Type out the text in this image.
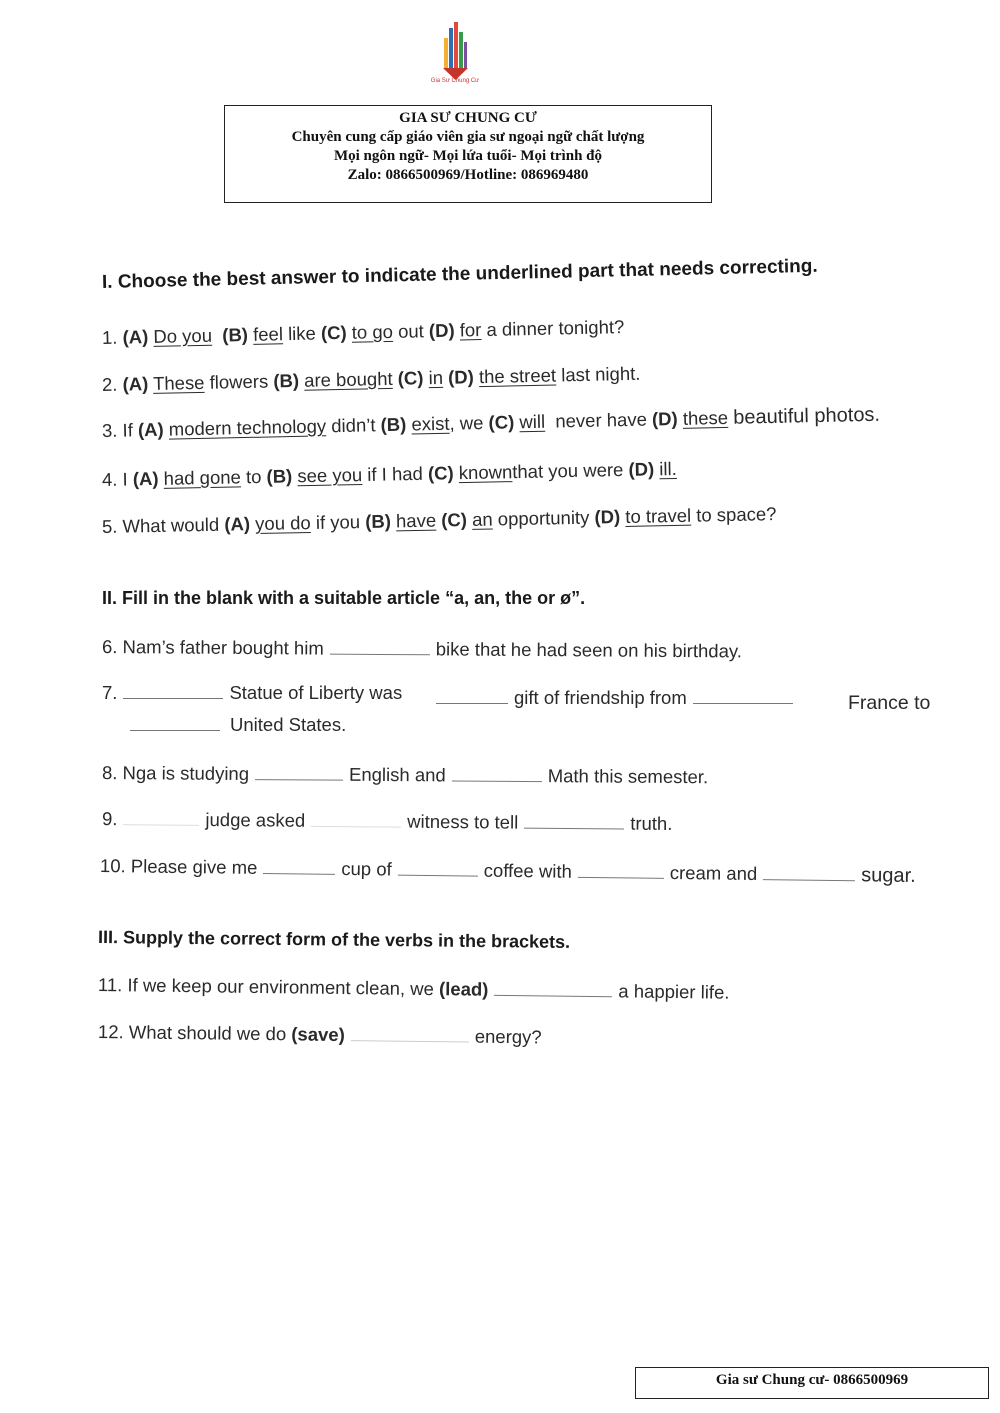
Gia Sư Chung Cư
GIA SƯ CHUNG CƯ
Chuyên cung cấp giáo viên gia sư ngoại ngữ chất lượng
Mọi ngôn ngữ- Mọi lứa tuổi- Mọi trình độ
Zalo: 0866500969/Hotline: 086969480
I. Choose the best answer to indicate the underlined part that needs correcting.
1. (A) Do you (B) feel like (C) to go out (D) for a dinner tonight?
2. (A) These flowers (B) are bought (C) in (D) the street last night.
3. If (A) modern technology didn’t (B) exist, we (C) will never have (D) these beautiful photos.
4. I (A) had gone to (B) see you if I had (C) knownthat you were (D) ill.
5. What would (A) you do if you (B) have (C) an opportunity (D) to travel to space?
II. Fill in the blank with a suitable article “a, an, the or ø”.
6. Nam’s father bought him	bike that he had seen on his birthday.
7.	Statue of Liberty was	gift of friendship from	France to
United States.
8. Nga is studying	English and	Math this semester.
9.	judge asked	witness to tell	truth.
10. Please give me	cup of	coffee with	cream and	sugar.
III. Supply the correct form of the verbs in the brackets.
11. If we keep our environment clean, we (lead)	a happier life.
12. What should we do (save)	energy?
Gia sư Chung cư- 0866500969
